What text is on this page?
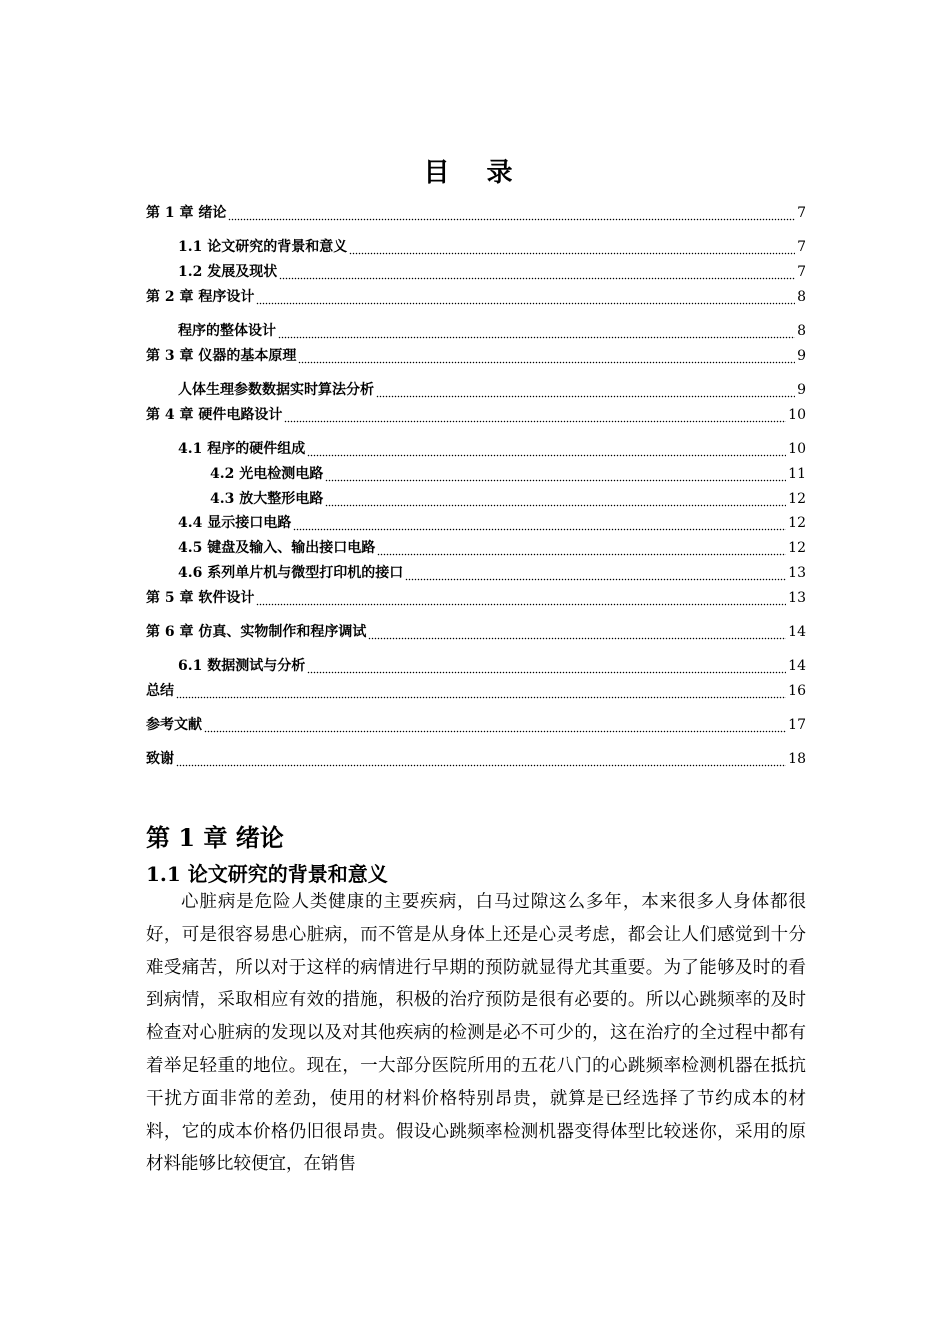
目 录
第 1 章 绪论	7
1.1 论文研究的背景和意义	7
1.2 发展及现状	7
第 2 章 程序设计	8
程序的整体设计	8
第 3 章 仪器的基本原理	9
人体生理参数数据实时算法分析	9
第 4 章 硬件电路设计	10
4.1 程序的硬件组成	10
4.2 光电检测电路	11
4.3 放大整形电路	12
4.4 显示接口电路	12
4.5 键盘及输入、输出接口电路	12
4.6 系列单片机与微型打印机的接口	13
第 5 章 软件设计	13
第 6 章 仿真、实物制作和程序调试	14
6.1 数据测试与分析	14
总结	16
参考文献	17
致谢	18
第 1 章 绪论
1.1 论文研究的背景和意义

心脏病是危险人类健康的主要疾病，白马过隙这么多年，本来很多人身体都很好，可是很容易患心脏病，而不管是从身体上还是心灵考虑，都会让人们感觉到十分难受痛苦，所以对于这样的病情进行早期的预防就显得尤其重要。为了能够及时的看到病情，采取相应有效的措施，积极的治疗预防是很有必要的。所以心跳频率的及时检查对心脏病的发现以及对其他疾病的检测是必不可少的，这在治疗的全过程中都有着举足轻重的地位。现在，一大部分医院所用的五花八门的心跳频率检测机器在抵抗干扰方面非常的差劲，使用的材料价格特别昂贵，就算是已经选择了节约成本的材料，它的成本价格仍旧很昂贵。假设心跳频率检测机器变得体型比较迷你，采用的原材料能够比较便宜，在销售
